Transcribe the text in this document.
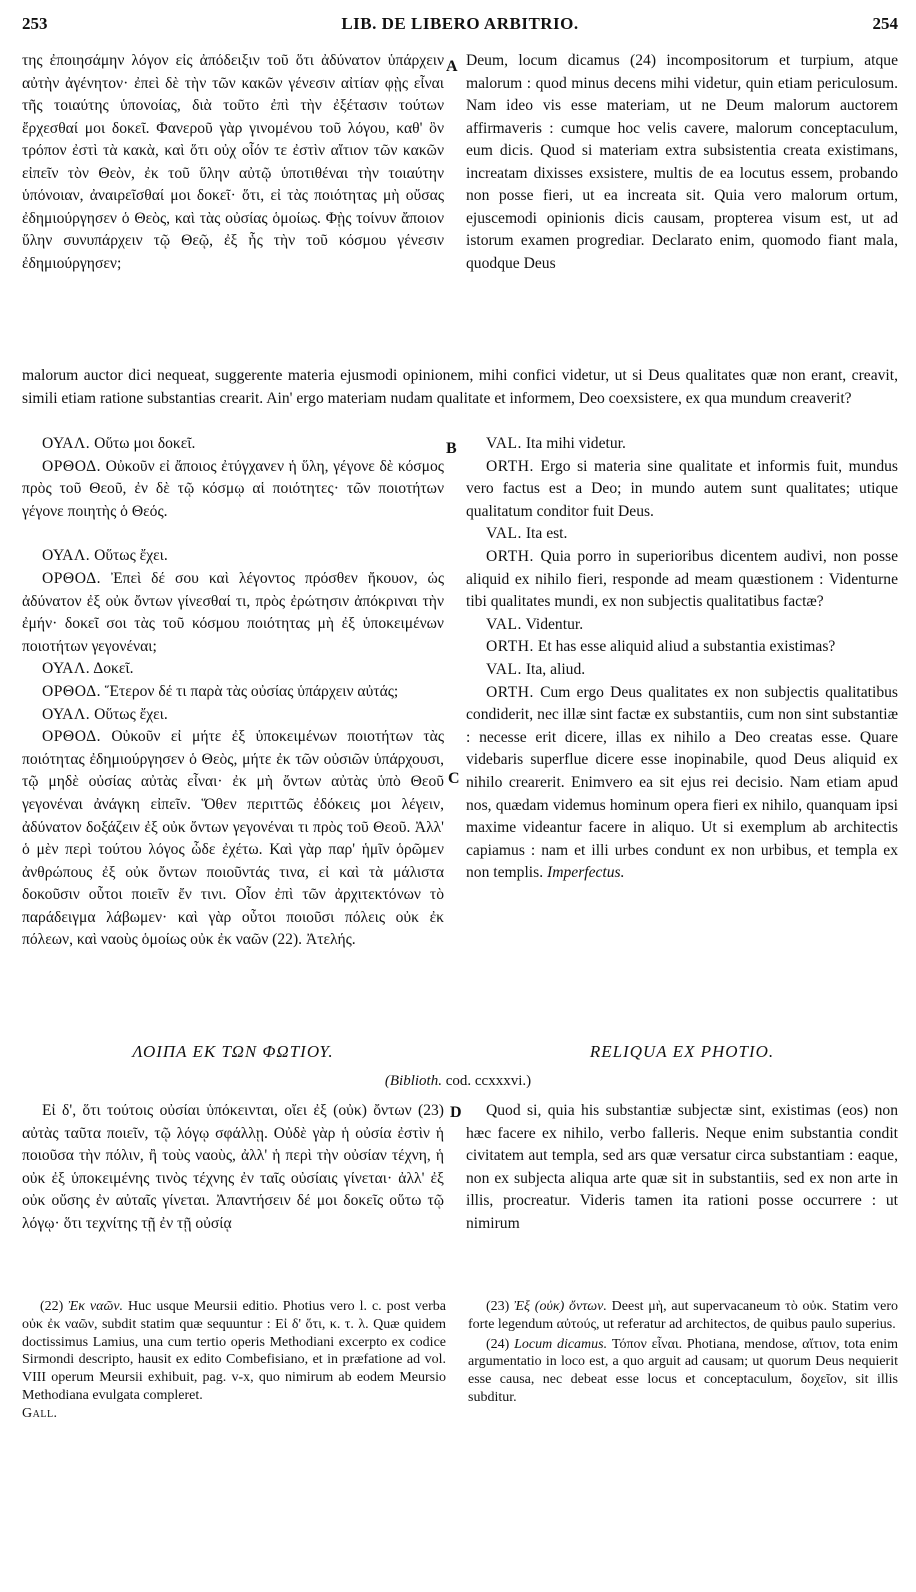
253	LIB. DE LIBERO ARBITRIO.	254

της ἐποιησάμην λόγον εἰς ἀπόδειξιν τοῦ ὅτι ἀδύνατον ὑπάρχειν αὐτὴν ἀγένητον· ἐπεὶ δὲ τὴν τῶν κακῶν γένεσιν αἰτίαν φῂς εἶναι τῆς τοιαύτης ὑπονοίας, διὰ τοῦτο ἐπὶ τὴν ἐξέτασιν τούτων ἔρχεσθαί μοι δοκεῖ. Φανεροῦ γὰρ γινομένου τοῦ λόγου, καθ' ὃν τρόπον ἐστὶ τὰ κακὰ, καὶ ὅτι οὐχ οἷόν τε ἐστὶν αἴτιον τῶν κακῶν εἰπεῖν τὸν Θεὸν, ἐκ τοῦ ὕλην αὐτῷ ὑποτιθέναι τὴν τοιαύτην ὑπόνοιαν, ἀναιρεῖσθαί μοι δοκεῖ· ὅτι, εἰ τὰς ποιότητας μὴ οὔσας ἐδημιούργησεν ὁ Θεὸς, καὶ τὰς οὐσίας ὁμοίως. Φῂς τοίνυν ἄποιον ὕλην συνυπάρχειν τῷ Θεῷ, ἐξ ἧς τὴν τοῦ κόσμου γένεσιν ἐδημιούργησεν;

A Deum, locum dicamus (24) incompositorum et turpium, atque malorum : quod minus decens mihi videtur, quin etiam periculosum. Nam ideo vis esse materiam, ut ne Deum malorum auctorem affirmaveris : cumque hoc velis cavere, malorum conceptaculum, eum dicis. Quod si materiam extra subsistentia creata existimans, increatam dixisses exsistere, multis de ea locutus essem, probando non posse fieri, ut ea increata sit. Quia vero malorum ortum, ejuscemodi opinionis dicis causam, propterea visum est, ut ad istorum examen progrediar. Declarato enim, quomodo fiant mala, quodque Deus

malorum auctor dici nequeat, suggerente materia ejusmodi opinionem, mihi confici videtur, ut si Deus qualitates quæ non erant, creavit, simili etiam ratione substantias crearit. Ain' ergo materiam nudam qualitate et informem, Deo coexsistere, ex qua mundum creaverit?

ΟΥΑΛ. Οὕτω μοι δοκεῖ.

ΟΡΘΟΔ. Οὐκοῦν εἰ ἄποιος ἐτύγχανεν ἡ ὕλη, γέγονε δὲ κόσμος πρὸς τοῦ Θεοῦ, ἐν δὲ τῷ κόσμῳ αἱ ποιότητες· τῶν ποιοτήτων γέγονε ποιητὴς ὁ Θεός.

ΟΥΑΛ. Οὕτως ἔχει.

ΟΡΘΟΔ. Ἐπεὶ δέ σου καὶ λέγοντος πρόσθεν ἤκουον, ὡς ἀδύνατον ἐξ οὐκ ὄντων γίνεσθαί τι, πρὸς ἐρώτησιν ἀπόκριναι τὴν ἐμήν· δοκεῖ σοι τὰς τοῦ κόσμου ποιότητας μὴ ἐξ ὑποκειμένων ποιοτήτων γεγονέναι;

ΟΥΑΛ. Δοκεῖ.

ΟΡΘΟΔ. Ἕτερον δέ τι παρὰ τὰς οὐσίας ὑπάρχειν αὐτάς;

ΟΥΑΛ. Οὕτως ἔχει.

ΟΡΘΟΔ. Οὐκοῦν εἰ μήτε ἐξ ὑποκειμένων ποιοτήτων τὰς ποιότητας ἐδημιούργησεν ὁ Θεὸς, μήτε ἐκ τῶν οὐσιῶν ὑπάρχουσι, τῷ μηδὲ οὐσίας αὐτὰς εἶναι· ἐκ μὴ ὄντων αὐτὰς ὑπὸ Θεοῦ γεγονέναι ἀνάγκη εἰπεῖν. Ὅθεν περιττῶς ἐδόκεις μοι λέγειν, ἀδύνατον δοξάζειν ἐξ οὐκ ὄντων γεγονέναι τι πρὸς τοῦ Θεοῦ. Ἀλλ' ὁ μὲν περὶ τούτου λόγος ὧδε ἐχέτω. Καὶ γὰρ παρ' ἡμῖν ὁρῶμεν ἀνθρώπους ἐξ οὐκ ὄντων ποιοῦντάς τινα, εἰ καὶ τὰ μάλιστα δοκοῦσιν οὗτοι ποιεῖν ἔν τινι. Οἷον ἐπὶ τῶν ἀρχιτεκτόνων τὸ παράδειγμα λάβωμεν· καὶ γὰρ οὗτοι ποιοῦσι πόλεις οὐκ ἐκ πόλεων, καὶ ναοὺς ὁμοίως οὐκ ἐκ ναῶν (22). Ἀτελής.

B
C

VAL. Ita mihi videtur.

ORTH. Ergo si materia sine qualitate et informis fuit, mundus vero factus est a Deo; in mundo autem sunt qualitates; utique qualitatum conditor fuit Deus.

VAL. Ita est.

ORTH. Quia porro in superioribus dicentem audivi, non posse aliquid ex nihilo fieri, responde ad meam quæstionem : Videnturne tibi qualitates mundi, ex non subjectis qualitatibus factæ?

VAL. Videntur.

ORTH. Et has esse aliquid aliud a substantia existimas?

VAL. Ita, aliud.

ORTH. Cum ergo Deus qualitates ex non subjectis qualitatibus condiderit, nec illæ sint factæ ex substantiis, cum non sint substantiæ : necesse erit dicere, illas ex nihilo a Deo creatas esse. Quare videbaris superflue dicere esse inopinabile, quod Deus aliquid ex nihilo crearerit. Enimvero ea sit ejus rei decisio. Nam etiam apud nos, quædam videmus hominum opera fieri ex nihilo, quanquam ipsi maxime videantur facere in aliquo. Ut si exemplum ab architectis capiamus : nam et illi urbes condunt ex non urbibus, et templa ex non templis. Imperfectus.

ΛΟΙΠΑ ΕΚ ΤΩΝ ΦΩΤΙΟΥ.	RELIQUA EX PHOTIO.
(Biblioth. cod. ccxxxvi.)

Εἰ δ', ὅτι τούτοις οὐσίαι ὑπόκεινται, οἴει ἐξ (οὐκ) ὄντων (23) αὐτὰς ταῦτα ποιεῖν, τῷ λόγῳ σφάλλῃ. Οὐδὲ γὰρ ἡ οὐσία ἐστὶν ἡ ποιοῦσα τὴν πόλιν, ἢ τοὺς ναοὺς, ἀλλ' ἡ περὶ τὴν οὐσίαν τέχνη, ἡ οὐκ ἐξ ὑποκειμένης τινὸς τέχνης ἐν ταῖς οὐσίαις γίνεται· ἀλλ' ἐξ οὐκ οὔσης ἐν αὐταῖς γίνεται. Ἀπαντήσειν δέ μοι δοκεῖς οὕτω τῷ λόγῳ· ὅτι τεχνίτης τῇ ἐν τῇ οὐσίᾳ

D	Quod si, quia his substantiæ subjectæ sint, existimas (eos) non hæc facere ex nihilo, verbo falleris. Neque enim substantia condit civitatem aut templa, sed ars quæ versatur circa substantiam : eaque, non ex subjecta aliqua arte quæ sit in substantiis, sed ex non arte in illis, procreatur. Videris tamen ita rationi posse occurrere : ut nimirum

(22) Ἐκ ναῶν. Huc usque Meursii editio. Photius vero l. c. post verba οὐκ ἐκ ναῶν, subdit statim quæ sequuntur : Εἰ δ' ὅτι, κ. τ. λ. Quæ quidem doctissimus Lamius, una cum tertio operis Methodiani excerpto ex codice Sirmondi descripto, hausit ex edito Combefisiano, et in præfatione ad vol. VIII operum Meursii exhibuit, pag. v-x, quo nimirum ab eodem Meursio Methodiana evulgata compleret.
Gall.

(23) Ἐξ (οὐκ) ὄντων. Deest μὴ, aut supervacaneum τὸ οὐκ. Statim vero forte legendum αὐτούς, ut referatur ad architectos, de quibus paulo superius.

(24) Locum dicamus. Τόπον εἶναι. Photiana, mendose, αἴτιον, tota enim argumentatio in loco est, a quo arguit ad causam; ut quorum Deus nequierit esse causa, nec debeat esse locus et conceptaculum, δοχεῖον, sit illis subditur.
